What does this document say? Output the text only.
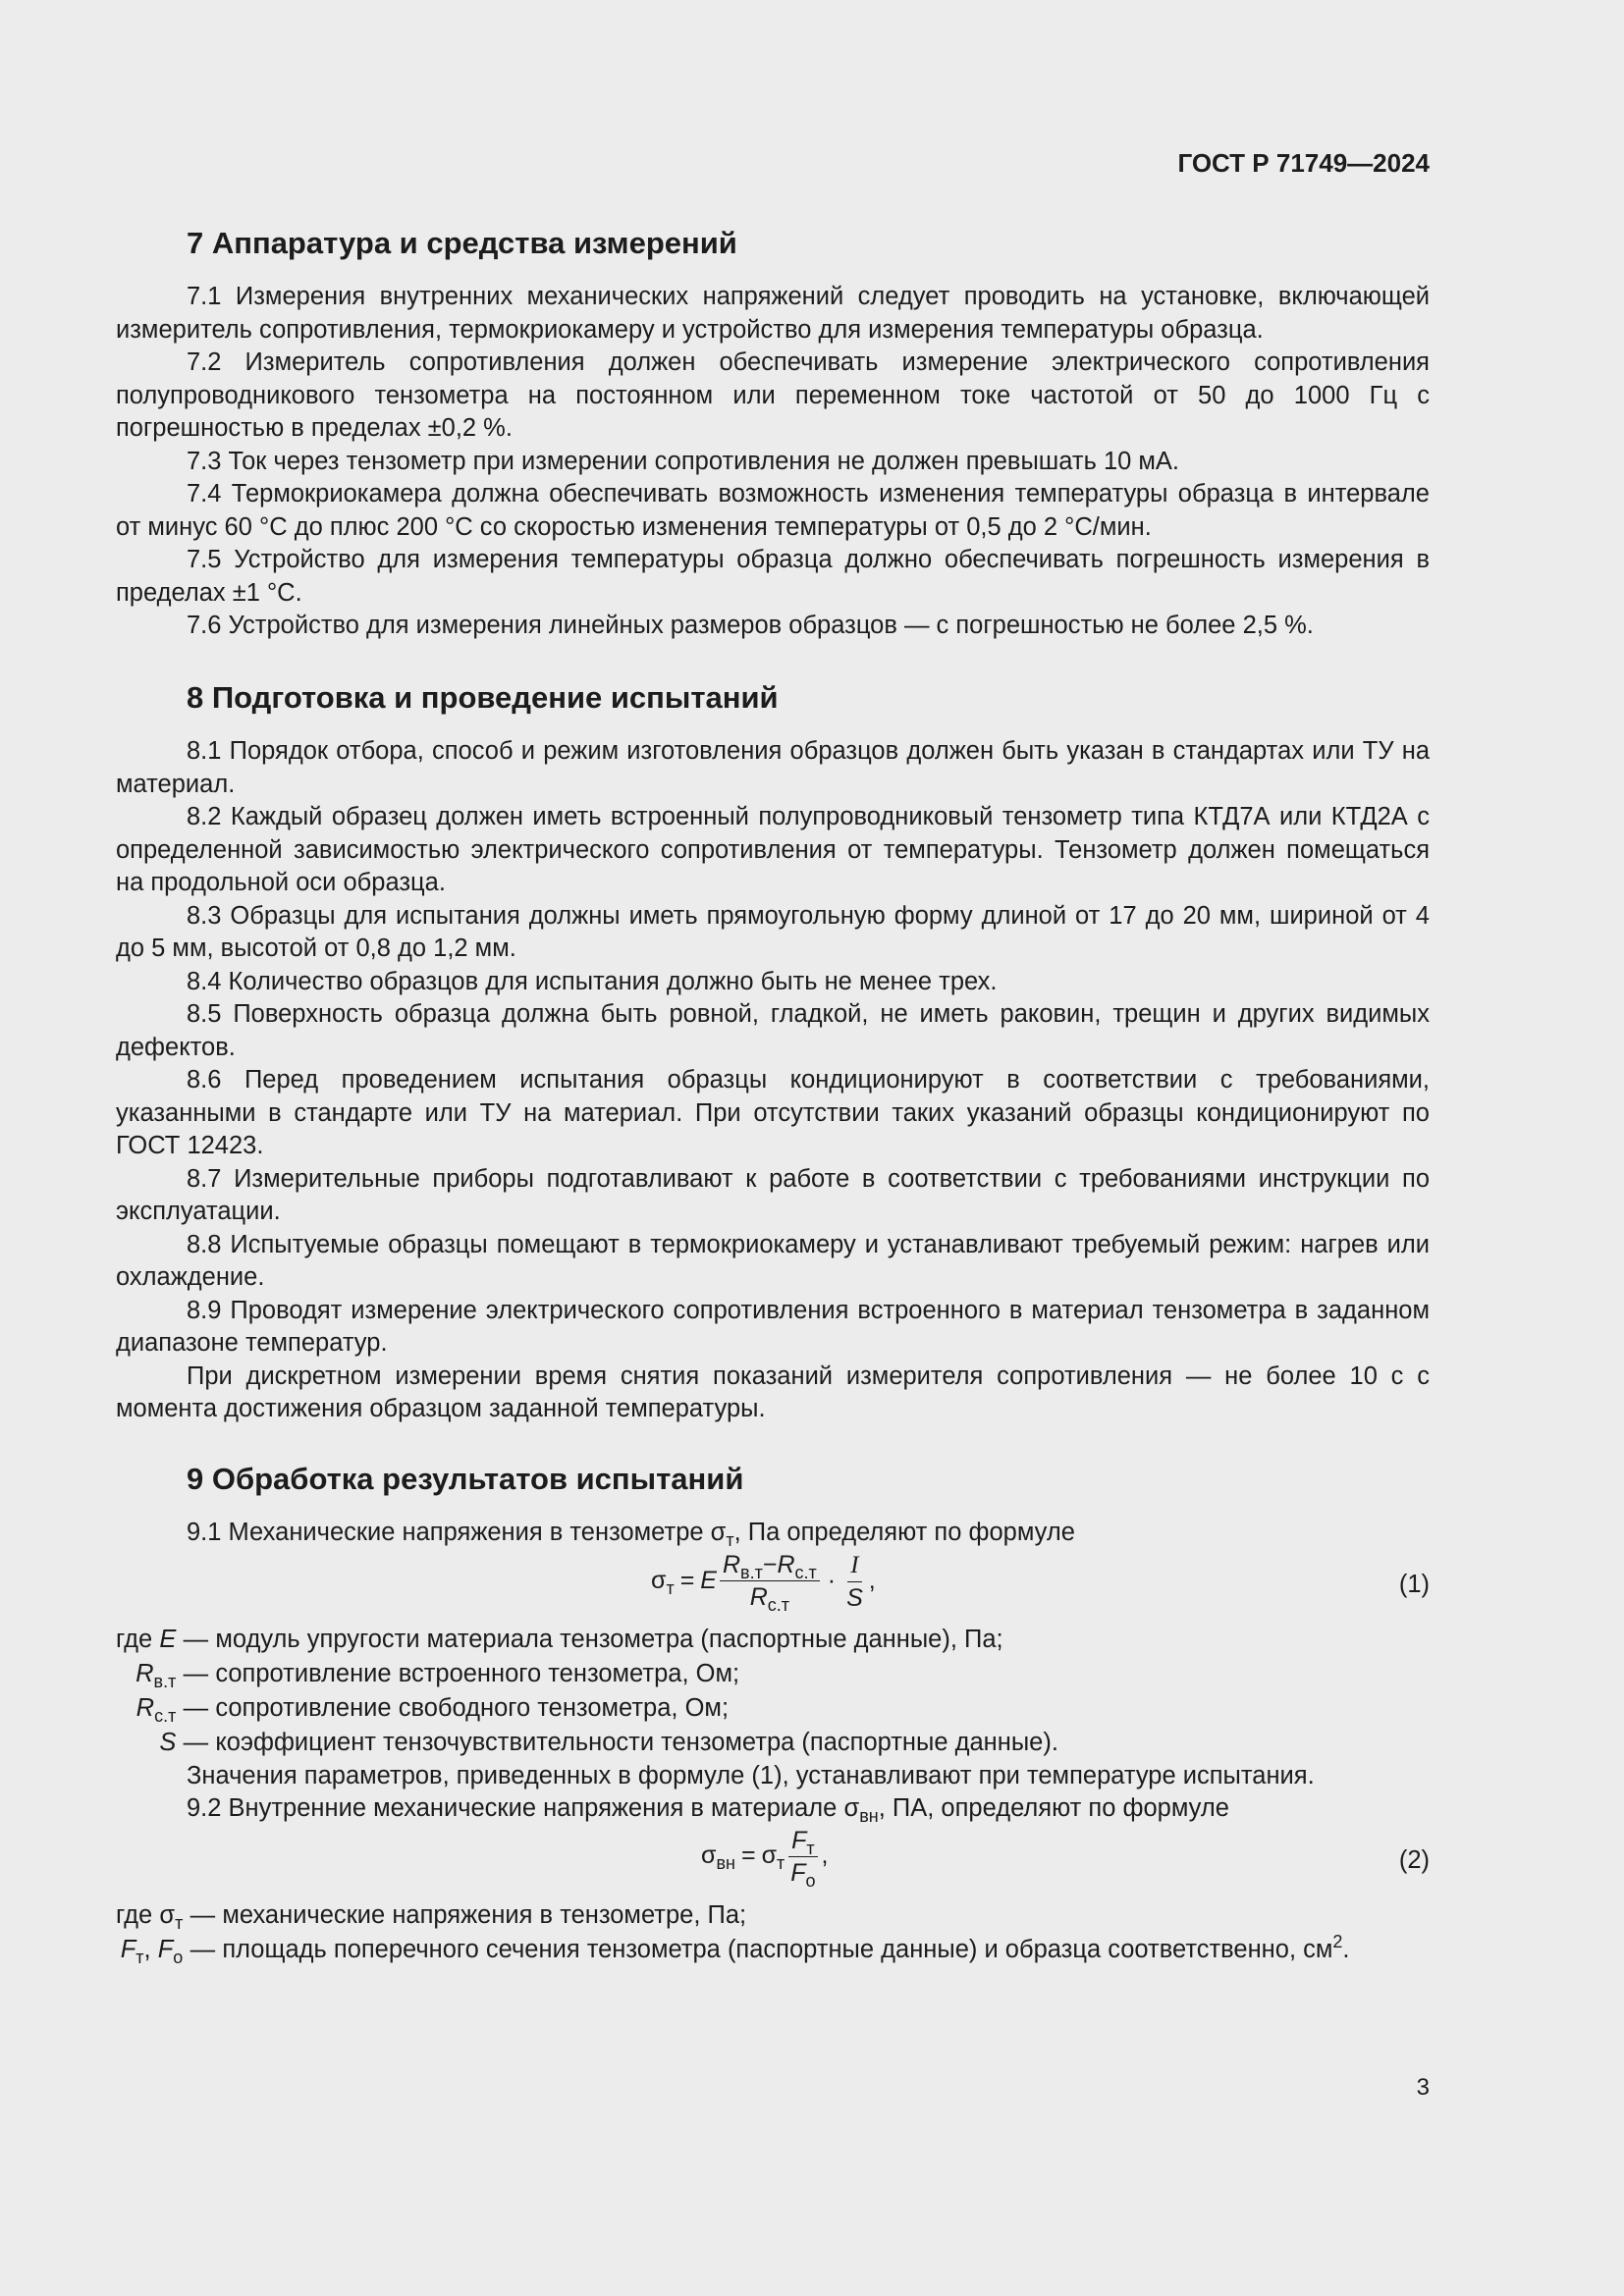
ГОСТ Р 71749—2024
7 Аппаратура и средства измерений

7.1 Измерения внутренних механических напряжений следует проводить на установке, включающей измеритель сопротивления, термокриокамеру и устройство для измерения температуры образца.

7.2 Измеритель сопротивления должен обеспечивать измерение электрического сопротивления полупроводникового тензометра на постоянном или переменном токе частотой от 50 до 1000 Гц с погрешностью в пределах ±0,2 %.

7.3 Ток через тензометр при измерении сопротивления не должен превышать 10 мА.

7.4 Термокриокамера должна обеспечивать возможность изменения температуры образца в интервале от минус 60 °С до плюс 200 °С со скоростью изменения температуры от 0,5 до 2 °С/мин.

7.5 Устройство для измерения температуры образца должно обеспечивать погрешность измерения в пределах ±1 °С.

7.6 Устройство для измерения линейных размеров образцов — с погрешностью не более 2,5 %.

8 Подготовка и проведение испытаний

8.1 Порядок отбора, способ и режим изготовления образцов должен быть указан в стандартах или ТУ на материал.

8.2 Каждый образец должен иметь встроенный полупроводниковый тензометр типа КТД7А или КТД2А с определенной зависимостью электрического сопротивления от температуры. Тензометр должен помещаться на продольной оси образца.

8.3 Образцы для испытания должны иметь прямоугольную форму длиной от 17 до 20 мм, шириной от 4 до 5 мм, высотой от 0,8 до 1,2 мм.

8.4 Количество образцов для испытания должно быть не менее трех.

8.5 Поверхность образца должна быть ровной, гладкой, не иметь раковин, трещин и других видимых дефектов.

8.6 Перед проведением испытания образцы кондиционируют в соответствии с требованиями, указанными в стандарте или ТУ на материал. При отсутствии таких указаний образцы кондиционируют по ГОСТ 12423.

8.7 Измерительные приборы подготавливают к работе в соответствии с требованиями инструкции по эксплуатации.

8.8 Испытуемые образцы помещают в термокриокамеру и устанавливают требуемый режим: нагрев или охлаждение.

8.9 Проводят измерение электрического сопротивления встроенного в материал тензометра в заданном диапазоне температур.

При дискретном измерении время снятия показаний измерителя сопротивления — не более 10 с с момента достижения образцом заданной температуры.

9 Обработка результатов испытаний

9.1 Механические напряжения в тензометре $\sigma_т$, Па определяют по формуле

$\sigma_т = E \frac{R_{в.т}-R_{с.т}}{R_{с.т}} \cdot \frac{I}{S}$ ,	(1)
где E	—	модуль упругости материала тензометра (паспортные данные), Па;
$R_{в.т}$	—	сопротивление встроенного тензометра, Ом;
$R_{с.т}$	—	сопротивление свободного тензометра, Ом;
S	—	коэффициент тензочувствительности тензометра (паспортные данные).

Значения параметров, приведенных в формуле (1), устанавливают при температуре испытания.

9.2 Внутренние механические напряжения в материале $\sigma_{вн}$, ПА, определяют по формуле

$\sigma_{вн} = \sigma_т \frac{F_т}{F_о}$ ,	(2)
где $\sigma_т$	—	механические напряжения в тензометре, Па;
$F_т$, $F_о$	—	площадь поперечного сечения тензометра (паспортные данные) и образца соответственно, $см^2$.
3
